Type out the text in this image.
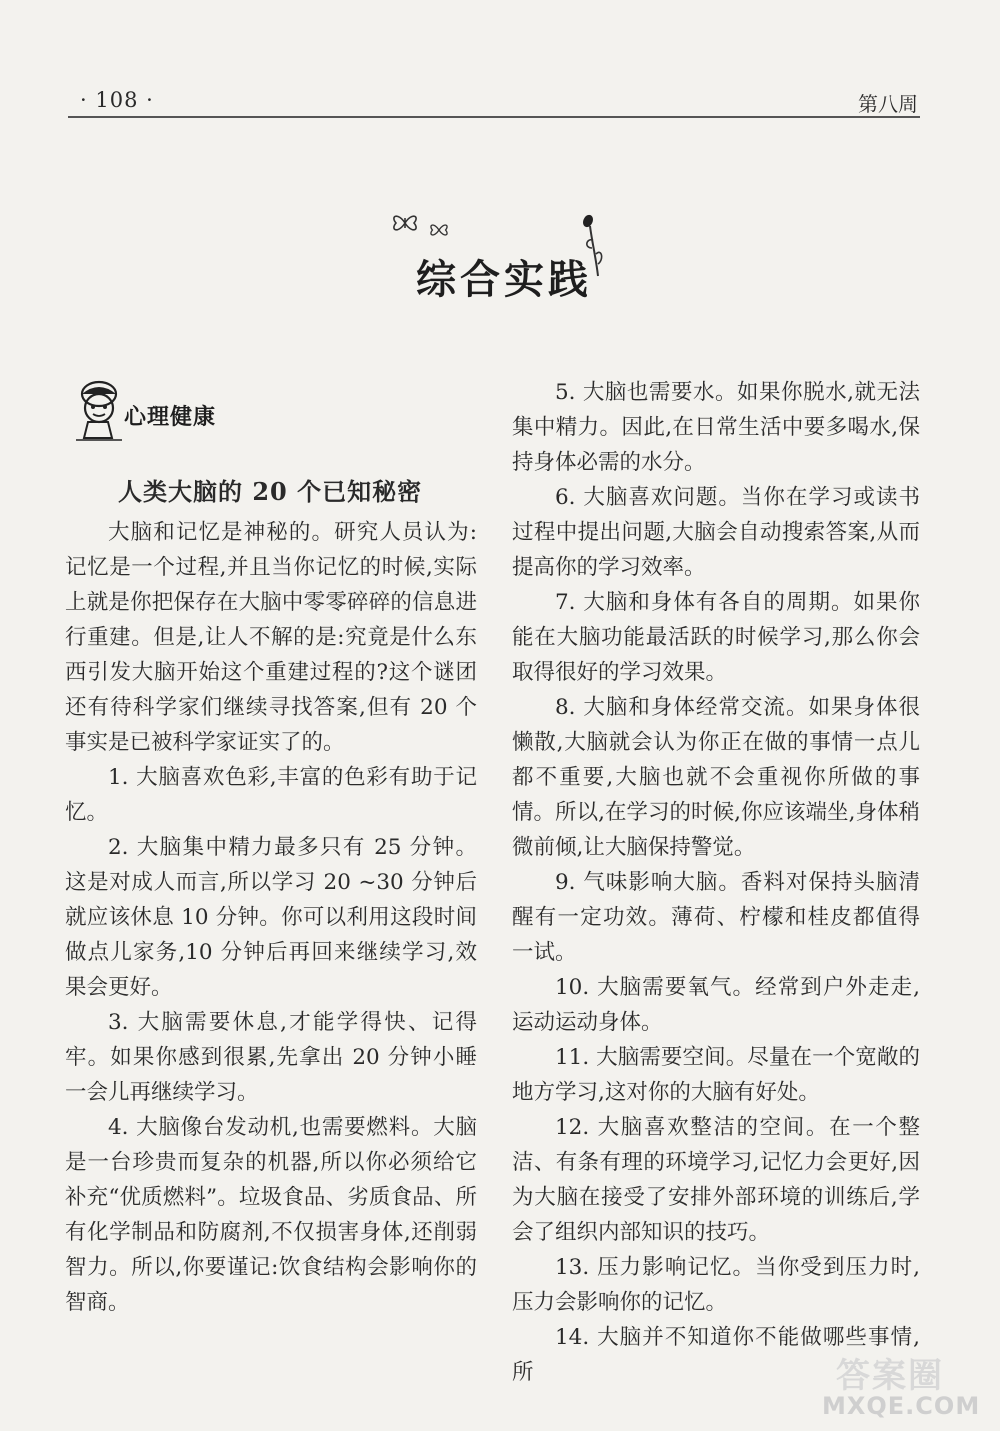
· 108 ·	第八周
综合实践
心理健康
人类大脑的 20 个已知秘密

大脑和记忆是神秘的。研究人员认为:记忆是一个过程,并且当你记忆的时候,实际上就是你把保存在大脑中零零碎碎的信息进行重建。但是,让人不解的是:究竟是什么东西引发大脑开始这个重建过程的?这个谜团还有待科学家们继续寻找答案,但有 20 个事实是已被科学家证实了的。

1. 大脑喜欢色彩,丰富的色彩有助于记忆。

2. 大脑集中精力最多只有 25 分钟。这是对成人而言,所以学习 20 ~30 分钟后就应该休息 10 分钟。你可以利用这段时间做点儿家务,10 分钟后再回来继续学习,效果会更好。

3. 大脑需要休息,才能学得快、记得牢。如果你感到很累,先拿出 20 分钟小睡一会儿再继续学习。

4. 大脑像台发动机,也需要燃料。大脑是一台珍贵而复杂的机器,所以你必须给它补充“优质燃料”。垃圾食品、劣质食品、所有化学制品和防腐剂,不仅损害身体,还削弱智力。所以,你要谨记:饮食结构会影响你的智商。

5. 大脑也需要水。如果你脱水,就无法集中精力。因此,在日常生活中要多喝水,保持身体必需的水分。

6. 大脑喜欢问题。当你在学习或读书过程中提出问题,大脑会自动搜索答案,从而提高你的学习效率。

7. 大脑和身体有各自的周期。如果你能在大脑功能最活跃的时候学习,那么你会取得很好的学习效果。

8. 大脑和身体经常交流。如果身体很懒散,大脑就会认为你正在做的事情一点儿都不重要,大脑也就不会重视你所做的事情。所以,在学习的时候,你应该端坐,身体稍微前倾,让大脑保持警觉。

9. 气味影响大脑。香料对保持头脑清醒有一定功效。薄荷、柠檬和桂皮都值得一试。

10. 大脑需要氧气。经常到户外走走,运动运动身体。

11. 大脑需要空间。尽量在一个宽敞的地方学习,这对你的大脑有好处。

12. 大脑喜欢整洁的空间。在一个整洁、有条有理的环境学习,记忆力会更好,因为大脑在接受了安排外部环境的训练后,学会了组织内部知识的技巧。

13. 压力影响记忆。当你受到压力时,压力会影响你的记忆。

14. 大脑并不知道你不能做哪些事情,所	答案圈
MXQE.COM
